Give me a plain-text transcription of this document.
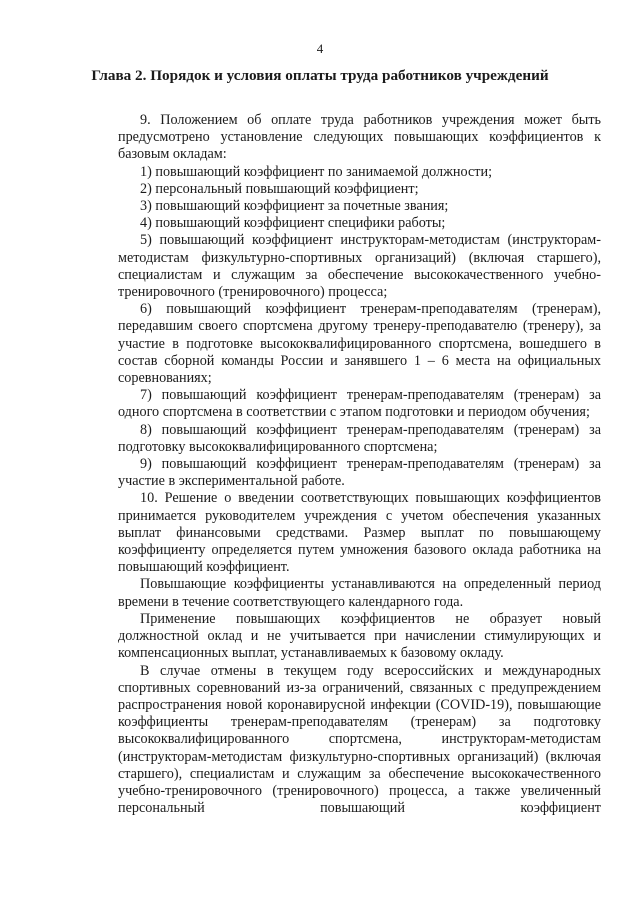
4
Глава 2. Порядок и условия оплаты труда работников учреждений

9. Положением об оплате труда работников учреждения может быть предусмотрено установление следующих повышающих коэффициентов к базовым окладам:

1) повышающий коэффициент по занимаемой должности;

2) персональный повышающий коэффициент;

3) повышающий коэффициент за почетные звания;

4) повышающий коэффициент специфики работы;

5) повышающий коэффициент инструкторам-методистам (инструкторам-методистам физкультурно-спортивных организаций) (включая старшего), специалистам и служащим за обеспечение высококачественного учебно-тренировочного (тренировочного) процесса;

6) повышающий коэффициент тренерам-преподавателям (тренерам), передавшим своего спортсмена другому тренеру-преподавателю (тренеру), за участие в подготовке высококвалифицированного спортсмена, вошедшего в состав сборной команды России и занявшего 1 – 6 места на официальных соревнованиях;

7) повышающий коэффициент тренерам-преподавателям (тренерам) за одного спортсмена в соответствии с этапом подготовки и периодом обучения;

8) повышающий коэффициент тренерам-преподавателям (тренерам) за подготовку высококвалифицированного спортсмена;

9) повышающий коэффициент тренерам-преподавателям (тренерам) за участие в экспериментальной работе.

10. Решение о введении соответствующих повышающих коэффициентов принимается руководителем учреждения с учетом обеспечения указанных выплат финансовыми средствами. Размер выплат по повышающему коэффициенту определяется путем умножения базового оклада работника на повышающий коэффициент.

Повышающие коэффициенты устанавливаются на определенный период времени в течение соответствующего календарного года.

Применение повышающих коэффициентов не образует новый должностной оклад и не учитывается при начислении стимулирующих и компенсационных выплат, устанавливаемых к базовому окладу.

В случае отмены в текущем году всероссийских и международных спортивных соревнований из-за ограничений, связанных с предупреждением распространения новой коронавирусной инфекции (COVID-19), повышающие коэффициенты тренерам-преподавателям (тренерам) за подготовку высококвалифицированного спортсмена, инструкторам-методистам (инструкторам-методистам физкультурно-спортивных организаций) (включая старшего), специалистам и служащим за обеспечение высококачественного учебно-тренировочного (тренировочного) процесса, а также увеличенный персональный повышающий коэффициент
